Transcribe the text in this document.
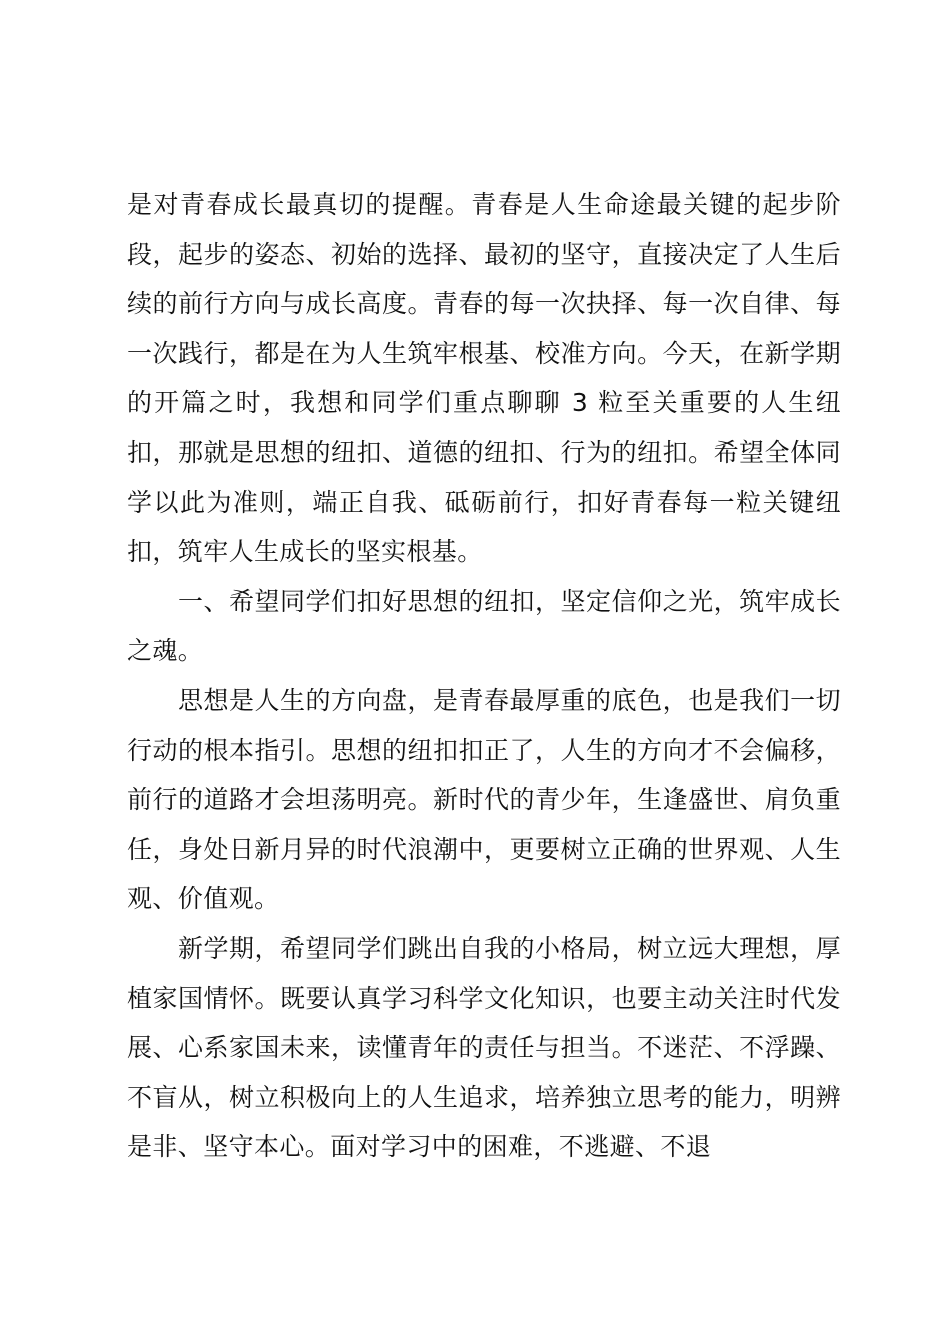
是对青春成长最真切的提醒。青春是人生命途最关键的起步阶段，起步的姿态、初始的选择、最初的坚守，直接决定了人生后续的前行方向与成长高度。青春的每一次抉择、每一次自律、每一次践行，都是在为人生筑牢根基、校准方向。今天，在新学期的开篇之时，我想和同学们重点聊聊 3 粒至关重要的人生纽扣，那就是思想的纽扣、道德的纽扣、行为的纽扣。希望全体同学以此为准则，端正自我、砥砺前行，扣好青春每一粒关键纽扣，筑牢人生成长的坚实根基。

一、希望同学们扣好思想的纽扣，坚定信仰之光，筑牢成长之魂。

思想是人生的方向盘，是青春最厚重的底色，也是我们一切行动的根本指引。思想的纽扣扣正了，人生的方向才不会偏移，前行的道路才会坦荡明亮。新时代的青少年，生逢盛世、肩负重任，身处日新月异的时代浪潮中，更要树立正确的世界观、人生观、价值观。

新学期，希望同学们跳出自我的小格局，树立远大理想，厚植家国情怀。既要认真学习科学文化知识，也要主动关注时代发展、心系家国未来，读懂青年的责任与担当。不迷茫、不浮躁、不盲从，树立积极向上的人生追求，培养独立思考的能力，明辨是非、坚守本心。面对学习中的困难，不逃避、不退
